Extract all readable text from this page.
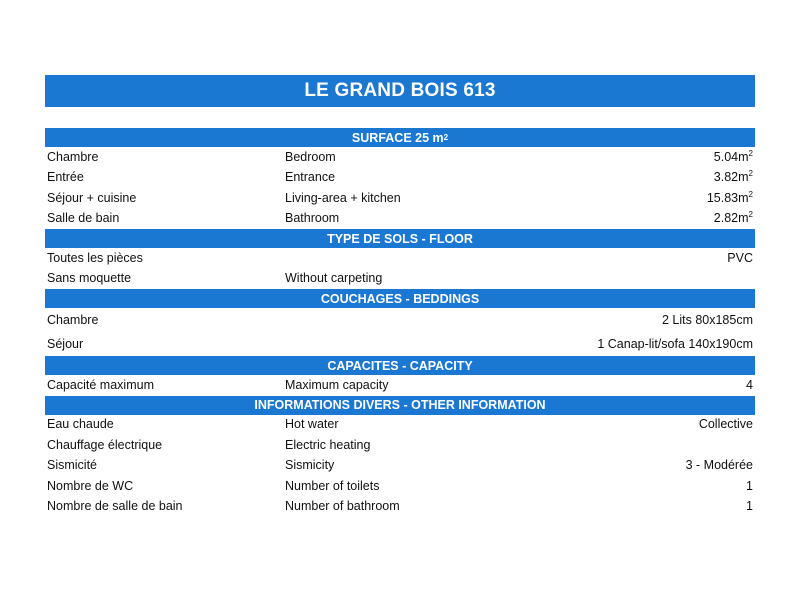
LE GRAND BOIS 613
SURFACE 25 m 2
Chambre	Bedroom	$5.04m^2$
Entrée	Entrance	$3.82m^2$
Séjour + cuisine	Living-area + kitchen	$15.83m^2$
Salle de bain	Bathroom	$2.82m^2$
TYPE DE SOLS - FLOOR
Toutes les pièces	PVC
Sans moquette	Without carpeting
COUCHAGES - BEDDINGS
Chambre	2 Lits 80x185cm
Séjour	1 Canap-lit/sofa 140x190cm
CAPACITES - CAPACITY
Capacité maximum	Maximum capacity	4
INFORMATIONS DIVERS - OTHER INFORMATION
Eau chaude	Hot water	Collective
Chauffage électrique	Electric heating
Sismicité	Sismicity	3 - Modérée
Nombre de WC	Number of toilets	1
Nombre de salle de bain	Number of bathroom	1
